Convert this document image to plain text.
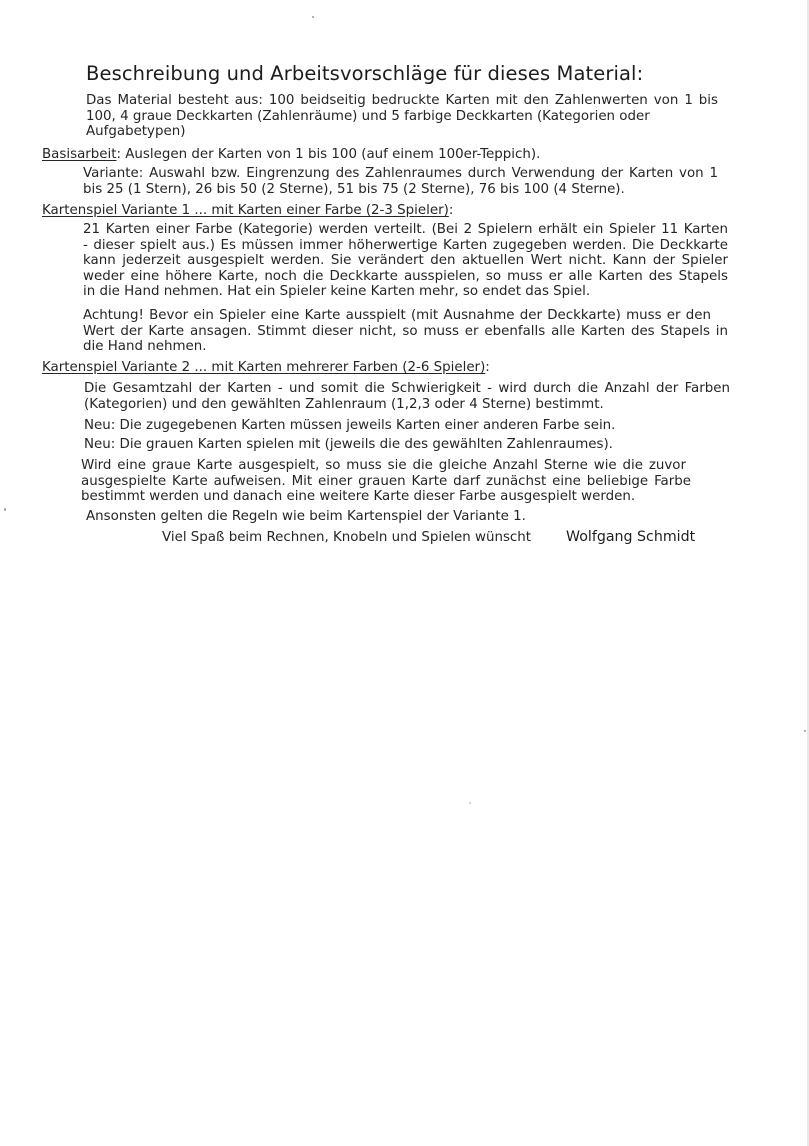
Beschreibung und Arbeitsvorschläge für dieses Material:
Das Material besteht aus: 100 beidseitig bedruckte Karten mit den Zahlenwerten von 1 bis
100, 4 graue Deckkarten (Zahlenräume) und 5 farbige Deckkarten (Kategorien oder
Aufgabetypen)
Basisarbeit: Auslegen der Karten von 1 bis 100 (auf einem 100er-Teppich).
Variante: Auswahl bzw. Eingrenzung des Zahlenraumes durch Verwendung der Karten von 1
bis 25 (1 Stern), 26 bis 50 (2 Sterne), 51 bis 75 (2 Sterne), 76 bis 100 (4 Sterne).
Kartenspiel Variante 1 ... mit Karten einer Farbe (2-3 Spieler):
21 Karten einer Farbe (Kategorie) werden verteilt. (Bei 2 Spielern erhält ein Spieler 11 Karten
- dieser spielt aus.) Es müssen immer höherwertige Karten zugegeben werden. Die Deckkarte
kann jederzeit ausgespielt werden. Sie verändert den aktuellen Wert nicht. Kann der Spieler
weder eine höhere Karte, noch die Deckkarte ausspielen, so muss er alle Karten des Stapels
in die Hand nehmen. Hat ein Spieler keine Karten mehr, so endet das Spiel.
Achtung! Bevor ein Spieler eine Karte ausspielt (mit Ausnahme der Deckkarte) muss er den
Wert der Karte ansagen. Stimmt dieser nicht, so muss er ebenfalls alle Karten des Stapels in
die Hand nehmen.
Kartenspiel Variante 2 ... mit Karten mehrerer Farben (2-6 Spieler):
Die Gesamtzahl der Karten - und somit die Schwierigkeit - wird durch die Anzahl der Farben
(Kategorien) und den gewählten Zahlenraum (1,2,3 oder 4 Sterne) bestimmt.
Neu: Die zugegebenen Karten müssen jeweils Karten einer anderen Farbe sein.
Neu: Die grauen Karten spielen mit (jeweils die des gewählten Zahlenraumes).
Wird eine graue Karte ausgespielt, so muss sie die gleiche Anzahl Sterne wie die zuvor
ausgespielte Karte aufweisen. Mit einer grauen Karte darf zunächst eine beliebige Farbe
bestimmt werden und danach eine weitere Karte dieser Farbe ausgespielt werden.
Ansonsten gelten die Regeln wie beim Kartenspiel der Variante 1.
Viel Spaß beim Rechnen, Knobeln und Spielen wünscht Wolfgang Schmidt
